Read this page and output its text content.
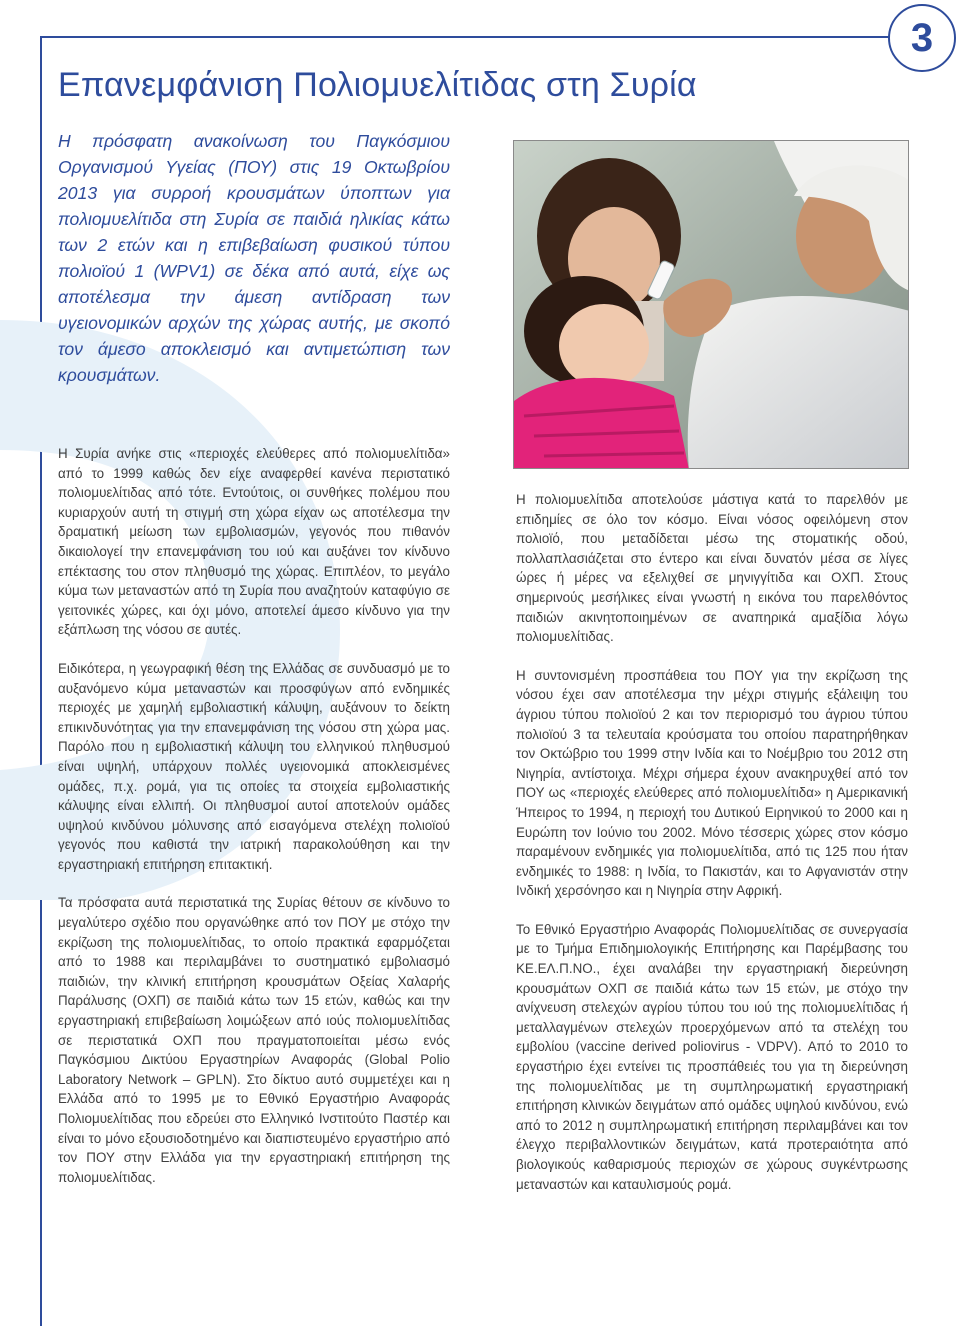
3
Επανεμφάνιση Πολιομυελίτιδας στη Συρία
Η πρόσφατη ανακοίνωση του Παγκόσμιου Οργανισμού Υγείας (ΠΟΥ) στις 19 Οκτωβρίου 2013 για συρροή κρουσμάτων ύποπτων για πολιομυελίτιδα στη Συρία σε παιδιά ηλικίας κάτω των 2 ετών και η επιβεβαίωση φυσικού τύπου πολιοϊού 1 (WPV1) σε δέκα από αυτά, είχε ως αποτέλεσμα την άμεση αντίδραση των υγειονομικών αρχών της χώρας αυτής, με σκοπό τον άμεσο αποκλεισμό και αντιμετώπιση των κρουσμάτων.

Η Συρία ανήκε στις «περιοχές ελεύθερες από πολιομυελίτιδα» από το 1999 καθώς δεν είχε αναφερθεί κανένα περιστατικό πολιομυελίτιδας από τότε. Εντούτοις, οι συνθήκες πολέμου που κυριαρχούν αυτή τη στιγμή στη χώρα είχαν ως αποτέλεσμα την δραματική μείωση των εμβολιασμών, γεγονός που πιθανόν δικαιολογεί την επανεμφάνιση του ιού και αυξάνει τον κίνδυνο επέκτασης του στον πληθυσμό της χώρας. Επιπλέον, το μεγάλο κύμα των μεταναστών από τη Συρία που αναζητούν καταφύγιο σε γειτονικές χώρες, και όχι μόνο, αποτελεί άμεσο κίνδυνο για την εξάπλωση της νόσου σε αυτές.

Ειδικότερα, η γεωγραφική θέση της Ελλάδας σε συνδυασμό με το αυξανόμενο κύμα μεταναστών και προσφύγων από ενδημικές περιοχές με χαμηλή εμβολιαστική κάλυψη, αυξάνουν το δείκτη επικινδυνότητας για την επανεμφάνιση της νόσου στη χώρα μας. Παρόλο που η εμβολιαστική κάλυψη του ελληνικού πληθυσμού είναι υψηλή, υπάρχουν πολλές υγειονομικά αποκλεισμένες ομάδες, π.χ. ρομά, για τις οποίες τα στοιχεία εμβολιαστικής κάλυψης είναι ελλιπή. Οι πληθυσμοί αυτοί αποτελούν ομάδες υψηλού κινδύνου μόλυνσης από εισαγόμενα στελέχη πολιοϊού γεγονός που καθιστά την ιατρική παρακολούθηση και την εργαστηριακή επιτήρηση επιτακτική.

Τα πρόσφατα αυτά περιστατικά της Συρίας θέτουν σε κίνδυνο το μεγαλύτερο σχέδιο που οργανώθηκε από τον ΠΟΥ με στόχο την εκρίζωση της πολιομυελίτιδας, το οποίο πρακτικά εφαρμόζεται από το 1988 και περιλαμβάνει το συστηματικό εμβολιασμό παιδιών, την κλινική επιτήρηση κρουσμάτων Οξείας Χαλαρής Παράλυσης (ΟΧΠ) σε παιδιά κάτω των 15 ετών, καθώς και την εργαστηριακή επιβεβαίωση λοιμώξεων από ιούς πολιομυελίτιδας σε περιστατικά ΟΧΠ που πραγματοποιείται μέσω ενός Παγκόσμιου Δικτύου Εργαστηρίων Αναφοράς (Global Polio Laboratory Network – GPLN). Στο δίκτυο αυτό συμμετέχει και η Ελλάδα από το 1995 με το Εθνικό Εργαστήριο Αναφοράς Πολιομυελίτιδας που εδρεύει στο Ελληνικό Ινστιτούτο Παστέρ και είναι το μόνο εξουσιοδοτημένο και διαπιστευμένο εργαστήριο από τον ΠΟΥ στην Ελλάδα για την εργαστηριακή επιτήρηση της πολιομυελίτιδας.

Η πολιομυελίτιδα αποτελούσε μάστιγα κατά το παρελθόν με επιδημίες σε όλο τον κόσμο. Είναι νόσος οφειλόμενη στον πολιοϊό, που μεταδίδεται μέσω της στοματικής οδού, πολλαπλασιάζεται στο έντερο και είναι δυνατόν μέσα σε λίγες ώρες ή μέρες να εξελιχθεί σε μηνιγγίτιδα και ΟΧΠ. Στους σημερινούς μεσήλικες είναι γνωστή η εικόνα του παρελθόντος παιδιών ακινητοποιημένων σε αναπηρικά αμαξίδια λόγω πολιομυελίτιδας.

Η συντονισμένη προσπάθεια του ΠΟΥ για την εκρίζωση της νόσου έχει σαν αποτέλεσμα την μέχρι στιγμής εξάλειψη του άγριου τύπου πολιοϊού 2 και τον περιορισμό του άγριου τύπου πολιοϊού 3 τα τελευταία κρούσματα του οποίου παρατηρήθηκαν τον Οκτώβριο του 1999 στην Ινδία και το Νοέμβριο του 2012 στη Νιγηρία, αντίστοιχα. Μέχρι σήμερα έχουν ανακηρυχθεί από τον ΠΟΥ ως «περιοχές ελεύθερες από πολιομυελίτιδα» η Αμερικανική Ήπειρος το 1994, η περιοχή του Δυτικού Ειρηνικού το 2000 και η Ευρώπη τον Ιούνιο του 2002. Μόνο τέσσερις χώρες στον κόσμο παραμένουν ενδημικές για πολιομυελίτιδα, από τις 125 που ήταν ενδημικές το 1988: η Ινδία, το Πακιστάν, και το Αφγανιστάν στην Ινδική χερσόνησο και η Νιγηρία στην Αφρική.

Το Εθνικό Εργαστήριο Αναφοράς Πολιομυελίτιδας σε συνεργασία με το Τμήμα Επιδημιολογικής Επιτήρησης και Παρέμβασης του ΚΕ.ΕΛ.Π.ΝΟ., έχει αναλάβει την εργαστηριακή διερεύνηση κρουσμάτων ΟΧΠ σε παιδιά κάτω των 15 ετών, με στόχο την ανίχνευση στελεχών αγρίου τύπου του ιού της πολιομυελίτιδας ή μεταλλαγμένων στελεχών προερχόμενων από τα στελέχη του εμβολίου (vaccine derived poliovirus - VDPV). Από το 2010 το εργαστήριο έχει εντείνει τις προσπάθειές του για τη διερεύνηση της πολιομυελίτιδας με τη συμπληρωματική εργαστηριακή επιτήρηση κλινικών δειγμάτων από ομάδες υψηλού κινδύνου, ενώ από το 2012 η συμπληρωματική επιτήρηση περιλαμβάνει και τον έλεγχο περιβαλλοντικών δειγμάτων, κατά προτεραιότητα από βιολογικούς καθαρισμούς περιοχών σε χώρους συγκέντρωσης μεταναστών και καταυλισμούς ρομά.
